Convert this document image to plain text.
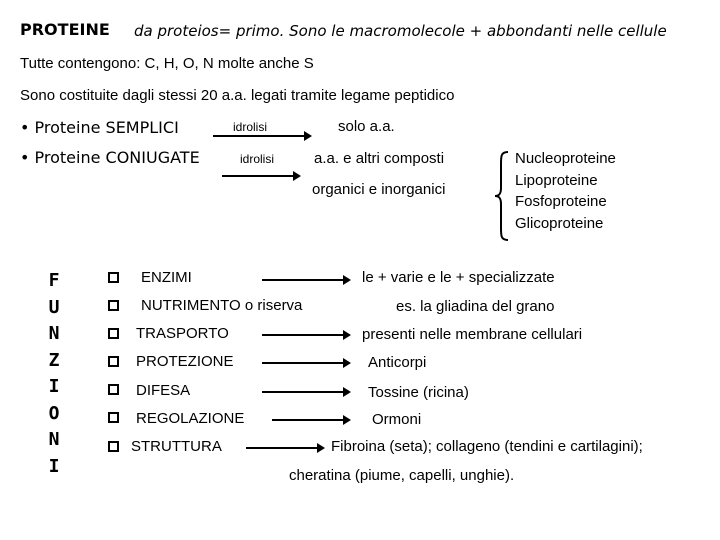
PROTEINE da proteios= primo. Sono le macromolecole + abbondanti nelle cellule
Tutte contengono: C, H, O, N molte anche S
Sono costituite dagli stessi 20 a.a. legati tramite legame peptidico
• Proteine SEMPLICI	idrolisi	solo a.a.
• Proteine CONIUGATE	idrolisi	a.a. e altri composti
organici e inorganici
Nucleoproteine
Lipoproteine
Fosfoproteine
Glicoproteine
F
U
N
Z
I
O
N
I
ENZIMI	le + varie e le + specializzate
NUTRIMENTO o riserva	es. la gliadina del grano
TRASPORTO	presenti nelle membrane cellulari
PROTEZIONE	Anticorpi
DIFESA	Tossine (ricina)
REGOLAZIONE	Ormoni
STRUTTURA	Fibroina (seta); collageno (tendini e cartilagini);
cheratina (piume, capelli, unghie).
